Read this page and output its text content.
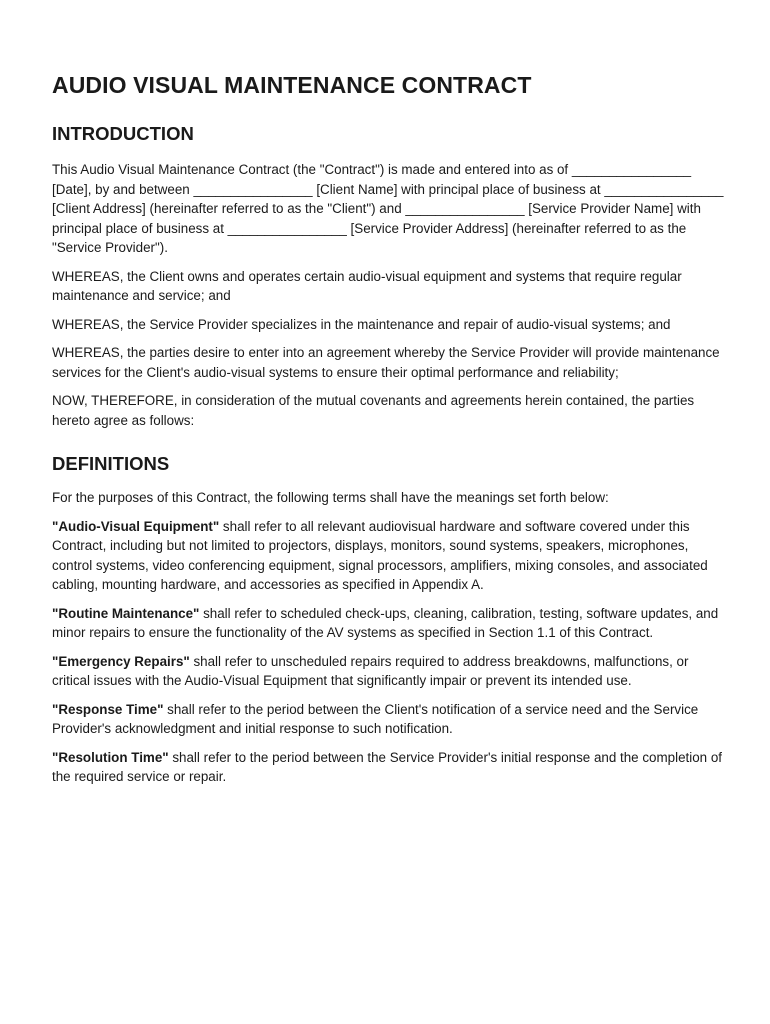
AUDIO VISUAL MAINTENANCE CONTRACT
INTRODUCTION

This Audio Visual Maintenance Contract (the "Contract") is made and entered into as of ________________ [Date], by and between ________________ [Client Name] with principal place of business at ________________ [Client Address] (hereinafter referred to as the "Client") and ________________ [Service Provider Name] with principal place of business at ________________ [Service Provider Address] (hereinafter referred to as the "Service Provider").

WHEREAS, the Client owns and operates certain audio-visual equipment and systems that require regular maintenance and service; and

WHEREAS, the Service Provider specializes in the maintenance and repair of audio-visual systems; and

WHEREAS, the parties desire to enter into an agreement whereby the Service Provider will provide maintenance services for the Client's audio-visual systems to ensure their optimal performance and reliability;

NOW, THEREFORE, in consideration of the mutual covenants and agreements herein contained, the parties hereto agree as follows:

DEFINITIONS

For the purposes of this Contract, the following terms shall have the meanings set forth below:

"Audio-Visual Equipment" shall refer to all relevant audiovisual hardware and software covered under this Contract, including but not limited to projectors, displays, monitors, sound systems, speakers, microphones, control systems, video conferencing equipment, signal processors, amplifiers, mixing consoles, and associated cabling, mounting hardware, and accessories as specified in Appendix A.

"Routine Maintenance" shall refer to scheduled check-ups, cleaning, calibration, testing, software updates, and minor repairs to ensure the functionality of the AV systems as specified in Section 1.1 of this Contract.

"Emergency Repairs" shall refer to unscheduled repairs required to address breakdowns, malfunctions, or critical issues with the Audio-Visual Equipment that significantly impair or prevent its intended use.

"Response Time" shall refer to the period between the Client's notification of a service need and the Service Provider's acknowledgment and initial response to such notification.

"Resolution Time" shall refer to the period between the Service Provider's initial response and the completion of the required service or repair.
